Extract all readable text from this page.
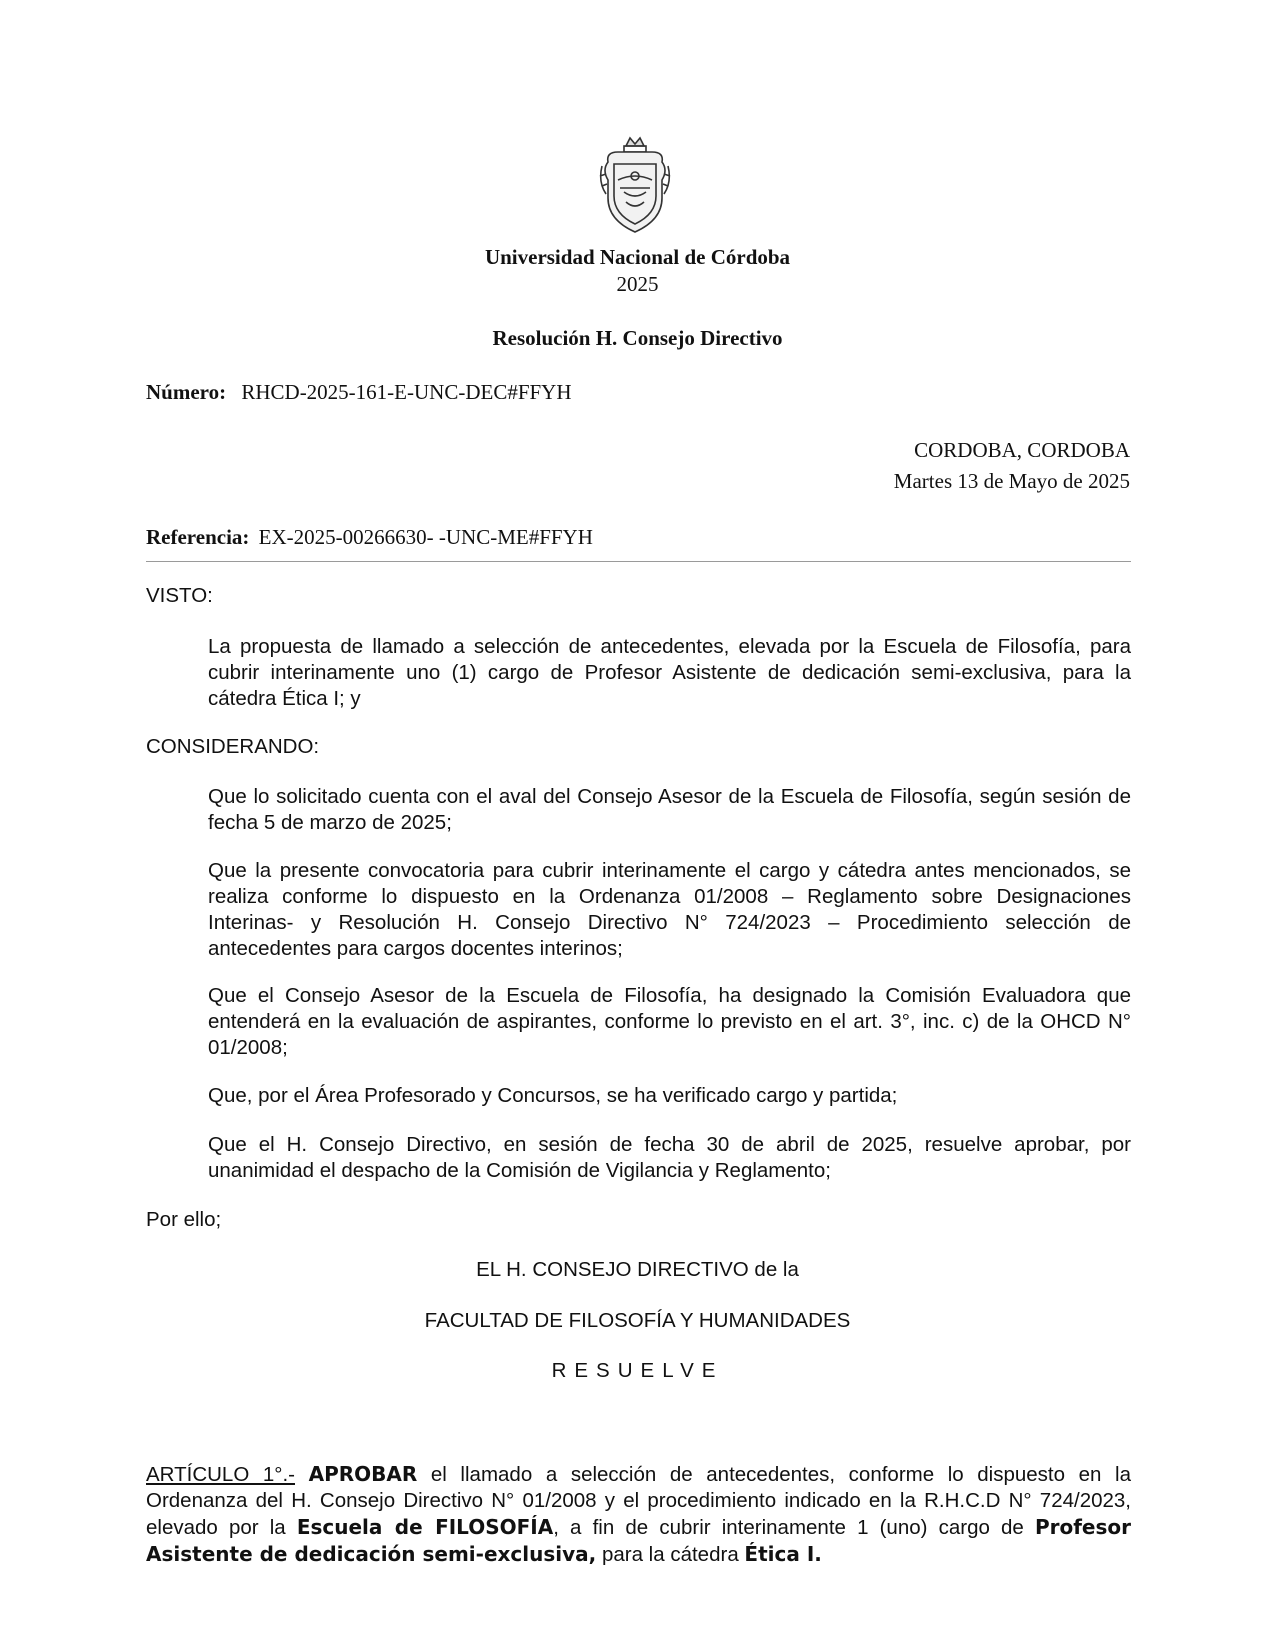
Universidad Nacional de Córdoba
2025
Resolución H. Consejo Directivo
Número: RHCD-2025-161-E-UNC-DEC#FFYH
CORDOBA, CORDOBA
Martes 13 de Mayo de 2025
Referencia: EX-2025-00266630- -UNC-ME#FFYH
VISTO:
La propuesta de llamado a selección de antecedentes, elevada por la Escuela de Filosofía, para cubrir interinamente uno (1) cargo de Profesor Asistente de dedicación semi-exclusiva, para la cátedra Ética I; y
CONSIDERANDO:
Que lo solicitado cuenta con el aval del Consejo Asesor de la Escuela de Filosofía, según sesión de fecha 5 de marzo de 2025;
Que la presente convocatoria para cubrir interinamente el cargo y cátedra antes mencionados, se realiza conforme lo dispuesto en la Ordenanza 01/2008 – Reglamento sobre Designaciones Interinas- y Resolución H. Consejo Directivo N° 724/2023 – Procedimiento selección de antecedentes para cargos docentes interinos;
Que el Consejo Asesor de la Escuela de Filosofía, ha designado la Comisión Evaluadora que entenderá en la evaluación de aspirantes, conforme lo previsto en el art. 3°, inc. c) de la OHCD N° 01/2008;
Que, por el Área Profesorado y Concursos, se ha verificado cargo y partida;
Que el H. Consejo Directivo, en sesión de fecha 30 de abril de 2025, resuelve aprobar, por unanimidad el despacho de la Comisión de Vigilancia y Reglamento;
Por ello;
EL H. CONSEJO DIRECTIVO de la
FACULTAD DE FILOSOFÍA Y HUMANIDADES
RESUELVE
ARTÍCULO 1°.- APROBAR el llamado a selección de antecedentes, conforme lo dispuesto en la Ordenanza del H. Consejo Directivo N° 01/2008 y el procedimiento indicado en la R.H.C.D N° 724/2023, elevado por la Escuela de FILOSOFÍA, a fin de cubrir interinamente 1 (uno) cargo de Profesor Asistente de dedicación semi-exclusiva, para la cátedra Ética I.
